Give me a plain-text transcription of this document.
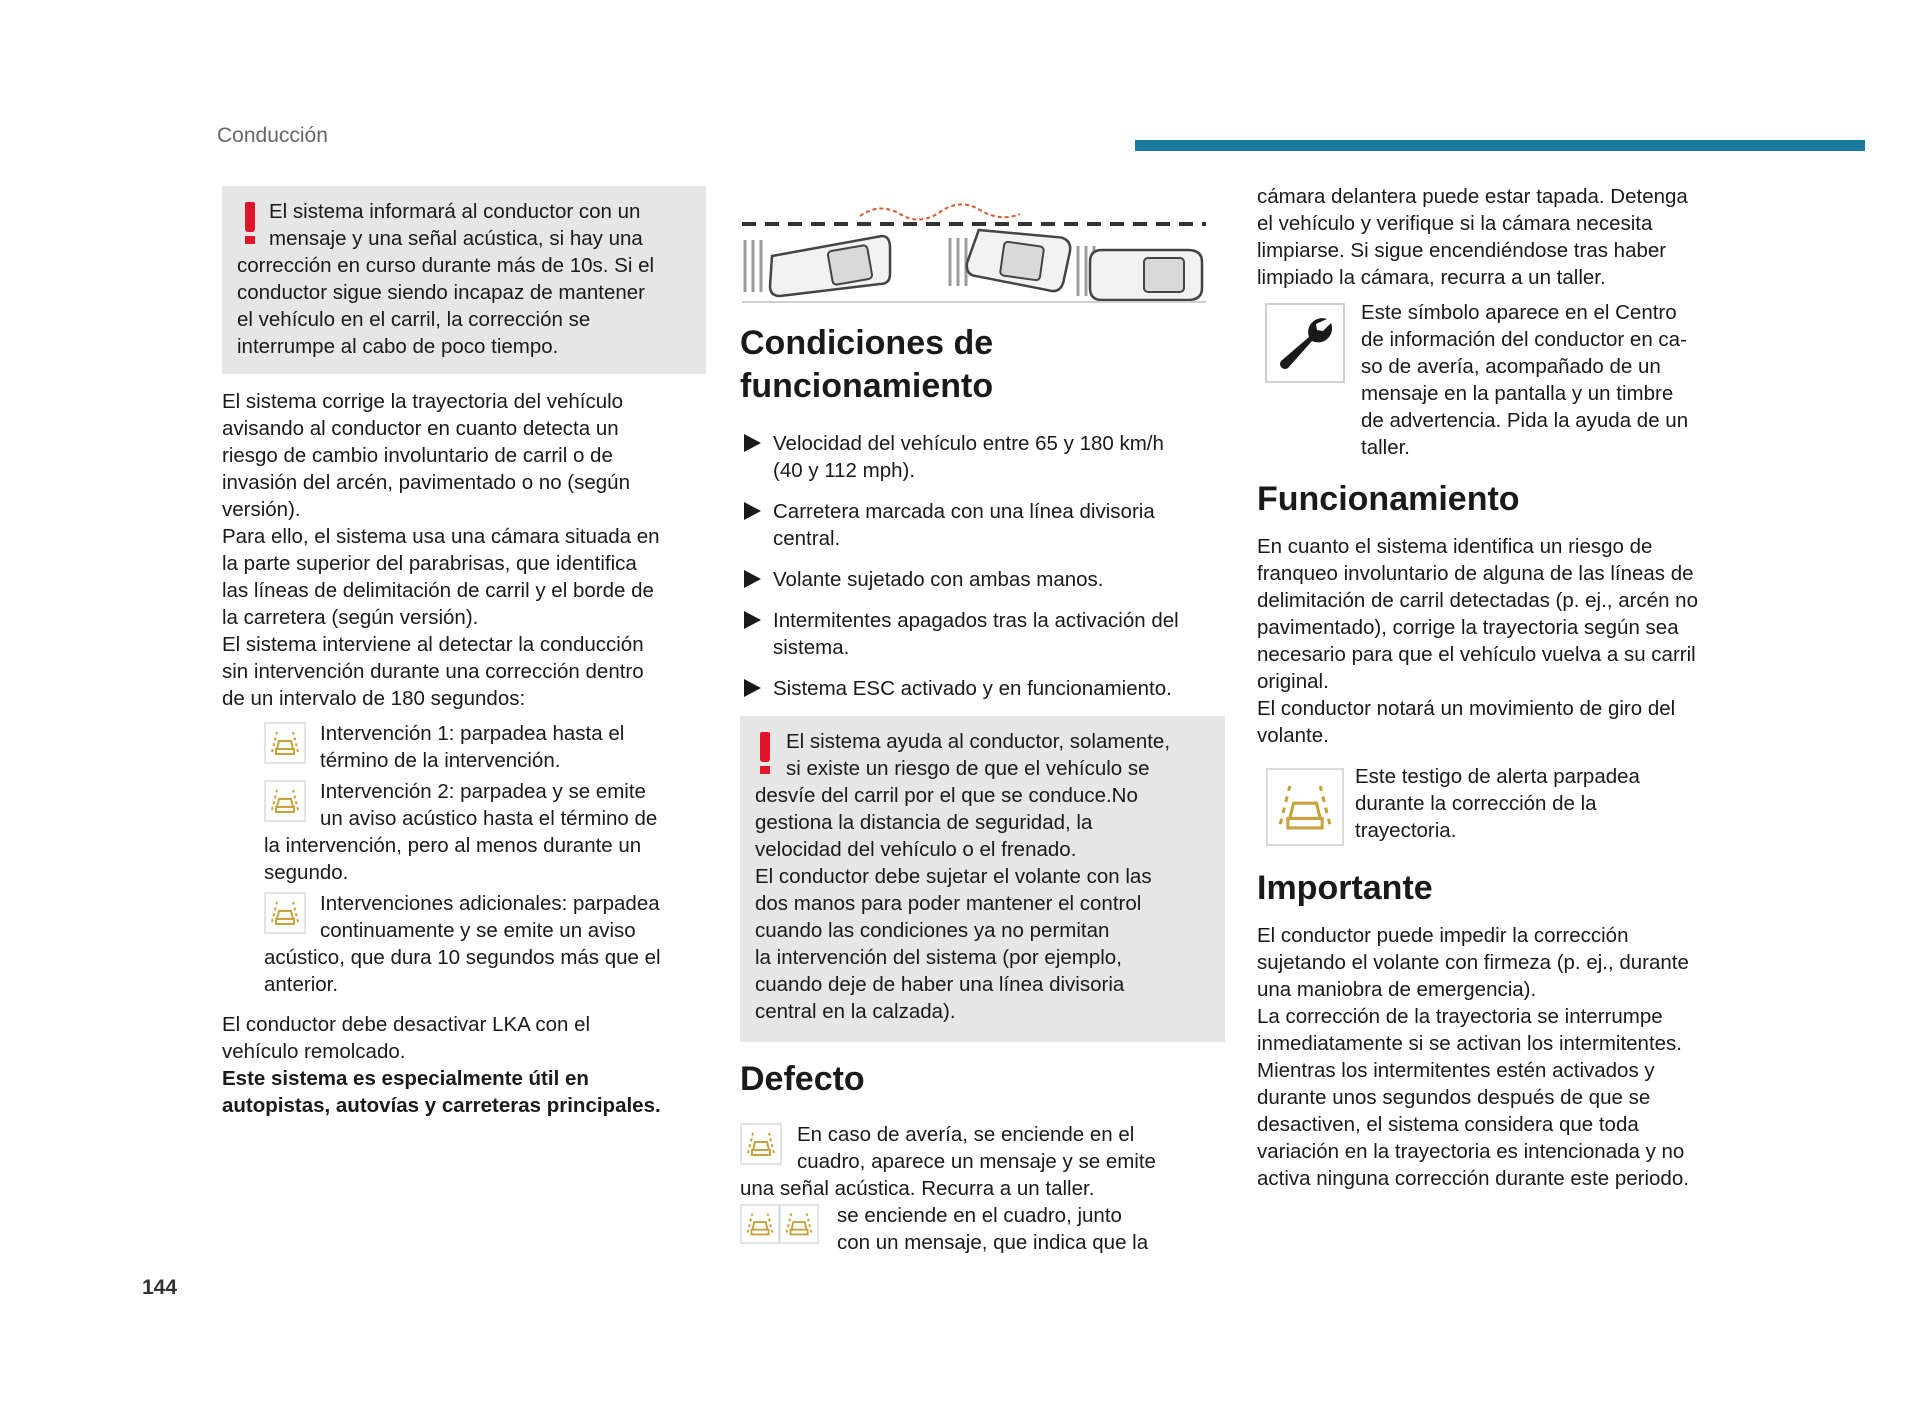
Conducción

El sistema informará al conductor con un

mensaje y una señal acústica, si hay una

corrección en curso durante más de 10s. Si el

conductor sigue siendo incapaz de mantener

el vehículo en el carril, la corrección se

interrumpe al cabo de poco tiempo.

El sistema corrige la trayectoria del vehículo

avisando al conductor en cuanto detecta un

riesgo de cambio involuntario de carril o de

invasión del arcén, pavimentado o no (según

versión).

Para ello, el sistema usa una cámara situada en

la parte superior del parabrisas, que identifica

las líneas de delimitación de carril y el borde de

la carretera (según versión).

El sistema interviene al detectar la conducción

sin intervención durante una corrección dentro

de un intervalo de 180 segundos:

Intervención 1: parpadea hasta el

término de la intervención.

Intervención 2: parpadea y se emite

un aviso acústico hasta el término de

la intervención, pero al menos durante un

segundo.

Intervenciones adicionales: parpadea

continuamente y se emite un aviso

acústico, que dura 10 segundos más que el

anterior.

El conductor debe desactivar LKA con el

vehículo remolcado.

Este sistema es especialmente útil en

autopistas, autovías y carreteras principales.

Condiciones de
funcionamiento

Velocidad del vehículo entre 65 y 180 km/h

(40 y 112 mph).

Carretera marcada con una línea divisoria

central.

Volante sujetado con ambas manos.

Intermitentes apagados tras la activación del

sistema.

Sistema ESC activado y en funcionamiento.

El sistema ayuda al conductor, solamente,

si existe un riesgo de que el vehículo se

desvíe del carril por el que se conduce.No

gestiona la distancia de seguridad, la

velocidad del vehículo o el frenado.

El conductor debe sujetar el volante con las

dos manos para poder mantener el control

cuando las condiciones ya no permitan

la intervención del sistema (por ejemplo,

cuando deje de haber una línea divisoria

central en la calzada).

Defecto

En caso de avería, se enciende en el

cuadro, aparece un mensaje y se emite

una señal acústica. Recurra a un taller.

se enciende en el cuadro, junto

con un mensaje, que indica que la

cámara delantera puede estar tapada. Detenga

el vehículo y verifique si la cámara necesita

limpiarse. Si sigue encendiéndose tras haber

limpiado la cámara, recurra a un taller.

Este símbolo aparece en el Centro

de información del conductor en ca-

so de avería, acompañado de un

mensaje en la pantalla y un timbre

de advertencia. Pida la ayuda de un

taller.

Funcionamiento

En cuanto el sistema identifica un riesgo de

franqueo involuntario de alguna de las líneas de

delimitación de carril detectadas (p. ej., arcén no

pavimentado), corrige la trayectoria según sea

necesario para que el vehículo vuelva a su carril

original.

El conductor notará un movimiento de giro del

volante.

Este testigo de alerta parpadea

durante la corrección de la

trayectoria.

Importante

El conductor puede impedir la corrección

sujetando el volante con firmeza (p. ej., durante

una maniobra de emergencia).

La corrección de la trayectoria se interrumpe

inmediatamente si se activan los intermitentes.

Mientras los intermitentes estén activados y

durante unos segundos después de que se

desactiven, el sistema considera que toda

variación en la trayectoria es intencionada y no

activa ninguna corrección durante este periodo.

144
